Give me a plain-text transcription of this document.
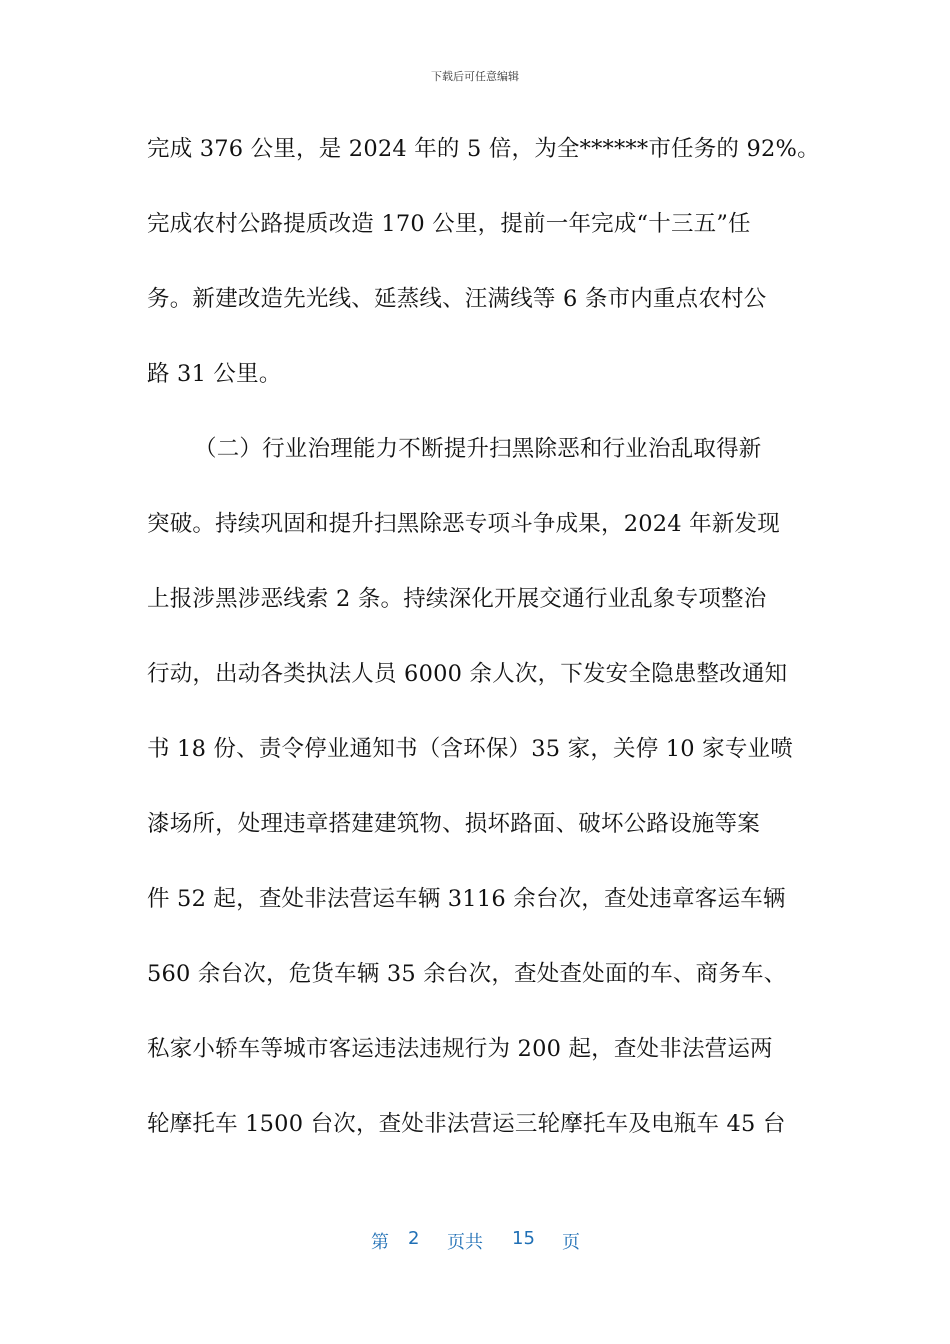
下载后可任意编辑
完成 376 公里，是 2024 年的 5 倍，为全******市任务的 92%。
完成农村公路提质改造 170 公里，提前一年完成“十三五”任
务。新建改造先光线、延蒸线、汪满线等 6 条市内重点农村公
路 31 公里。
（二）行业治理能力不断提升扫黑除恶和行业治乱取得新
突破。持续巩固和提升扫黑除恶专项斗争成果，2024 年新发现
上报涉黑涉恶线索 2 条。持续深化开展交通行业乱象专项整治
行动，出动各类执法人员 6000 余人次，下发安全隐患整改通知
书 18 份、责令停业通知书（含环保）35 家，关停 10 家专业喷
漆场所，处理违章搭建建筑物、损坏路面、破坏公路设施等案
件 52 起，查处非法营运车辆 3116 余台次，查处违章客运车辆
560 余台次，危货车辆 35 余台次，查处查处面的车、商务车、
私家小轿车等城市客运违法违规行为 200 起，查处非法营运两
轮摩托车 1500 台次，查处非法营运三轮摩托车及电瓶车 45 台
第 2 页共 15 页
